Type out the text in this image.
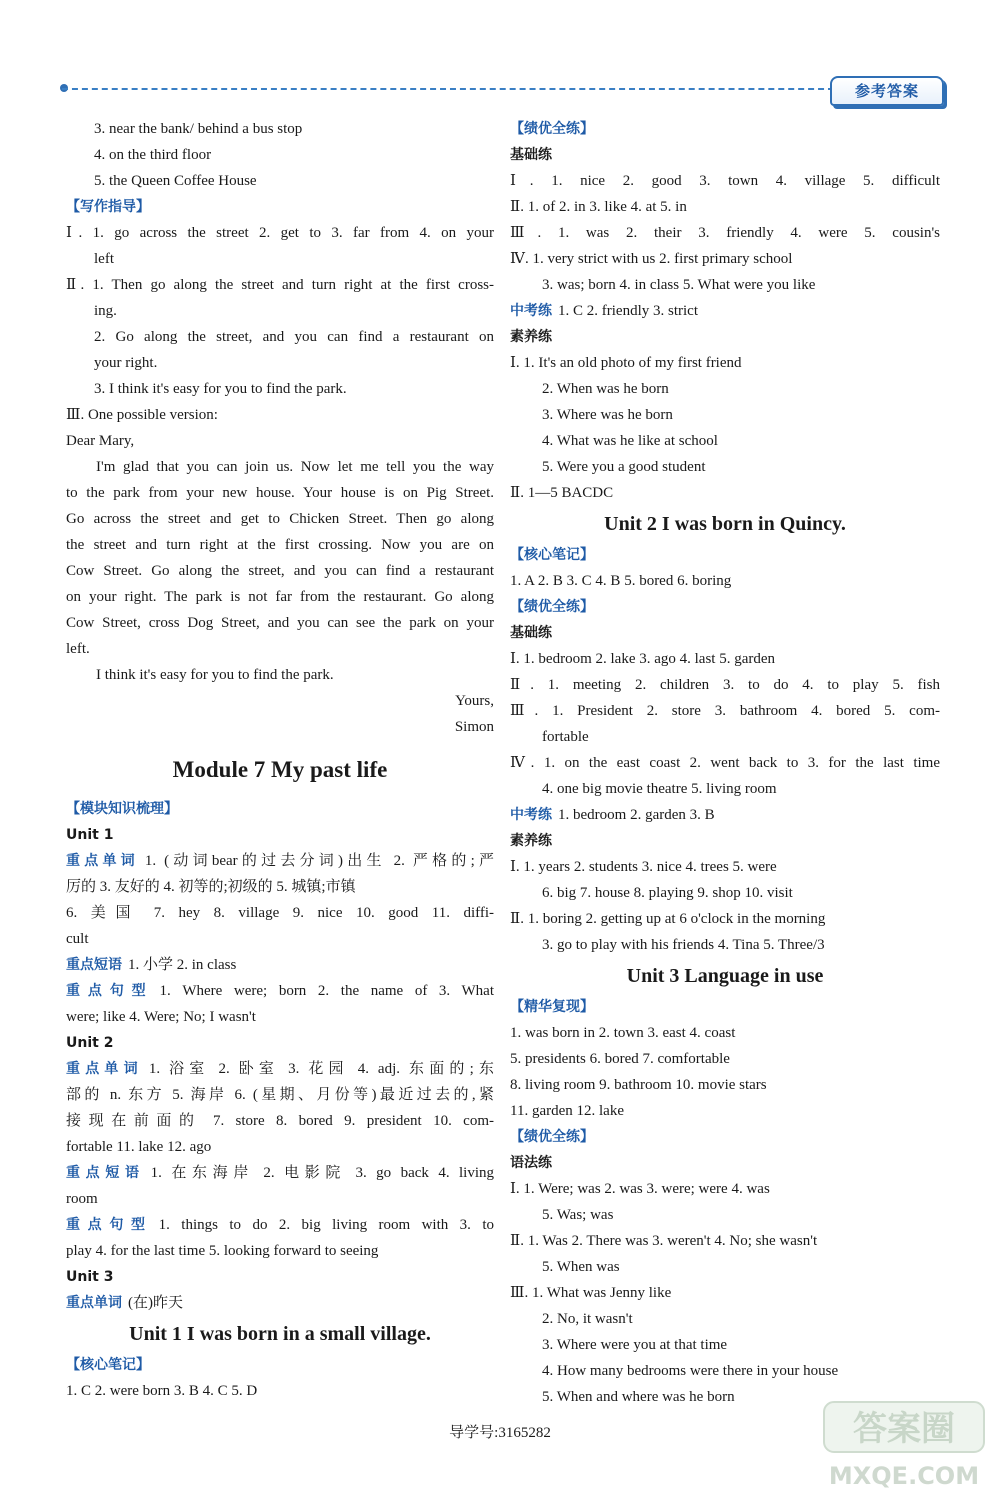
参考答案
3. near the bank/ behind a bus stop
4. on the third floor
5. the Queen Coffee House
【写作指导】
Ⅰ. 1. go across the street 2. get to 3. far from 4. on your
left
Ⅱ. 1. Then go along the street and turn right at the first cross-
ing.
2. Go along the street, and you can find a restaurant on
your right.
3. I think it's easy for you to find the park.
Ⅲ. One possible version:
Dear Mary,
I'm glad that you can join us. Now let me tell you the way
to the park from your new house. Your house is on Pig Street.
Go across the street and get to Chicken Street. Then go along
the street and turn right at the first crossing. Now you are on
Cow Street. Go along the street, and you can find a restaurant
on your right. The park is not far from the restaurant. Go along
Cow Street, cross Dog Street, and you can see the park on your
left.
I think it's easy for you to find the park.
Yours,
Simon
Module 7 My past life
【模块知识梳理】
Unit 1
重点单词 1. (动词bear的过去分词)出生 2. 严格的;严
厉的 3. 友好的 4. 初等的;初级的 5. 城镇;市镇
6. 美国 7. hey 8. village 9. nice 10. good 11. diffi-
cult
重点短语 1. 小学 2. in class
重点句型 1. Where were; born 2. the name of 3. What
were; like 4. Were; No; I wasn't
Unit 2
重点单词 1. 浴室 2. 卧室 3. 花园 4. adj. 东面的;东
部的 n. 东方 5. 海岸 6. (星期、月份等)最近过去的,紧
接现在前面的 7. store 8. bored 9. president 10. com-
fortable 11. lake 12. ago
重点短语 1. 在东海岸 2. 电影院 3. go back 4. living
room
重点句型 1. things to do 2. big living room with 3. to
play 4. for the last time 5. looking forward to seeing
Unit 3
重点单词 (在)昨天
Unit 1 I was born in a small village.
【核心笔记】
1. C 2. were born 3. B 4. C 5. D
【绩优全练】
基础练
Ⅰ. 1. nice 2. good 3. town 4. village 5. difficult
Ⅱ. 1. of 2. in 3. like 4. at 5. in
Ⅲ. 1. was 2. their 3. friendly 4. were 5. cousin's
Ⅳ. 1. very strict with us 2. first primary school
3. was; born 4. in class 5. What were you like
中考练 1. C 2. friendly 3. strict
素养练
Ⅰ. 1. It's an old photo of my first friend
2. When was he born
3. Where was he born
4. What was he like at school
5. Were you a good student
Ⅱ. 1—5 BACDC
Unit 2 I was born in Quincy.
【核心笔记】
1. A 2. B 3. C 4. B 5. bored 6. boring
【绩优全练】
基础练
Ⅰ. 1. bedroom 2. lake 3. ago 4. last 5. garden
Ⅱ. 1. meeting 2. children 3. to do 4. to play 5. fish
Ⅲ. 1. President 2. store 3. bathroom 4. bored 5. com-
fortable
Ⅳ. 1. on the east coast 2. went back to 3. for the last time
4. one big movie theatre 5. living room
中考练 1. bedroom 2. garden 3. B
素养练
Ⅰ. 1. years 2. students 3. nice 4. trees 5. were
6. big 7. house 8. playing 9. shop 10. visit
Ⅱ. 1. boring 2. getting up at 6 o'clock in the morning
3. go to play with his friends 4. Tina 5. Three/3
Unit 3 Language in use
【精华复现】
1. was born in 2. town 3. east 4. coast
5. presidents 6. bored 7. comfortable
8. living room 9. bathroom 10. movie stars
11. garden 12. lake
【绩优全练】
语法练
Ⅰ. 1. Were; was 2. was 3. were; were 4. was
5. Was; was
Ⅱ. 1. Was 2. There was 3. weren't 4. No; she wasn't
5. When was
Ⅲ. 1. What was Jenny like
2. No, it wasn't
3. Where were you at that time
4. How many bedrooms were there in your house
5. When and where was he born
导学号:3165282	答案圈
MXQE.COM
